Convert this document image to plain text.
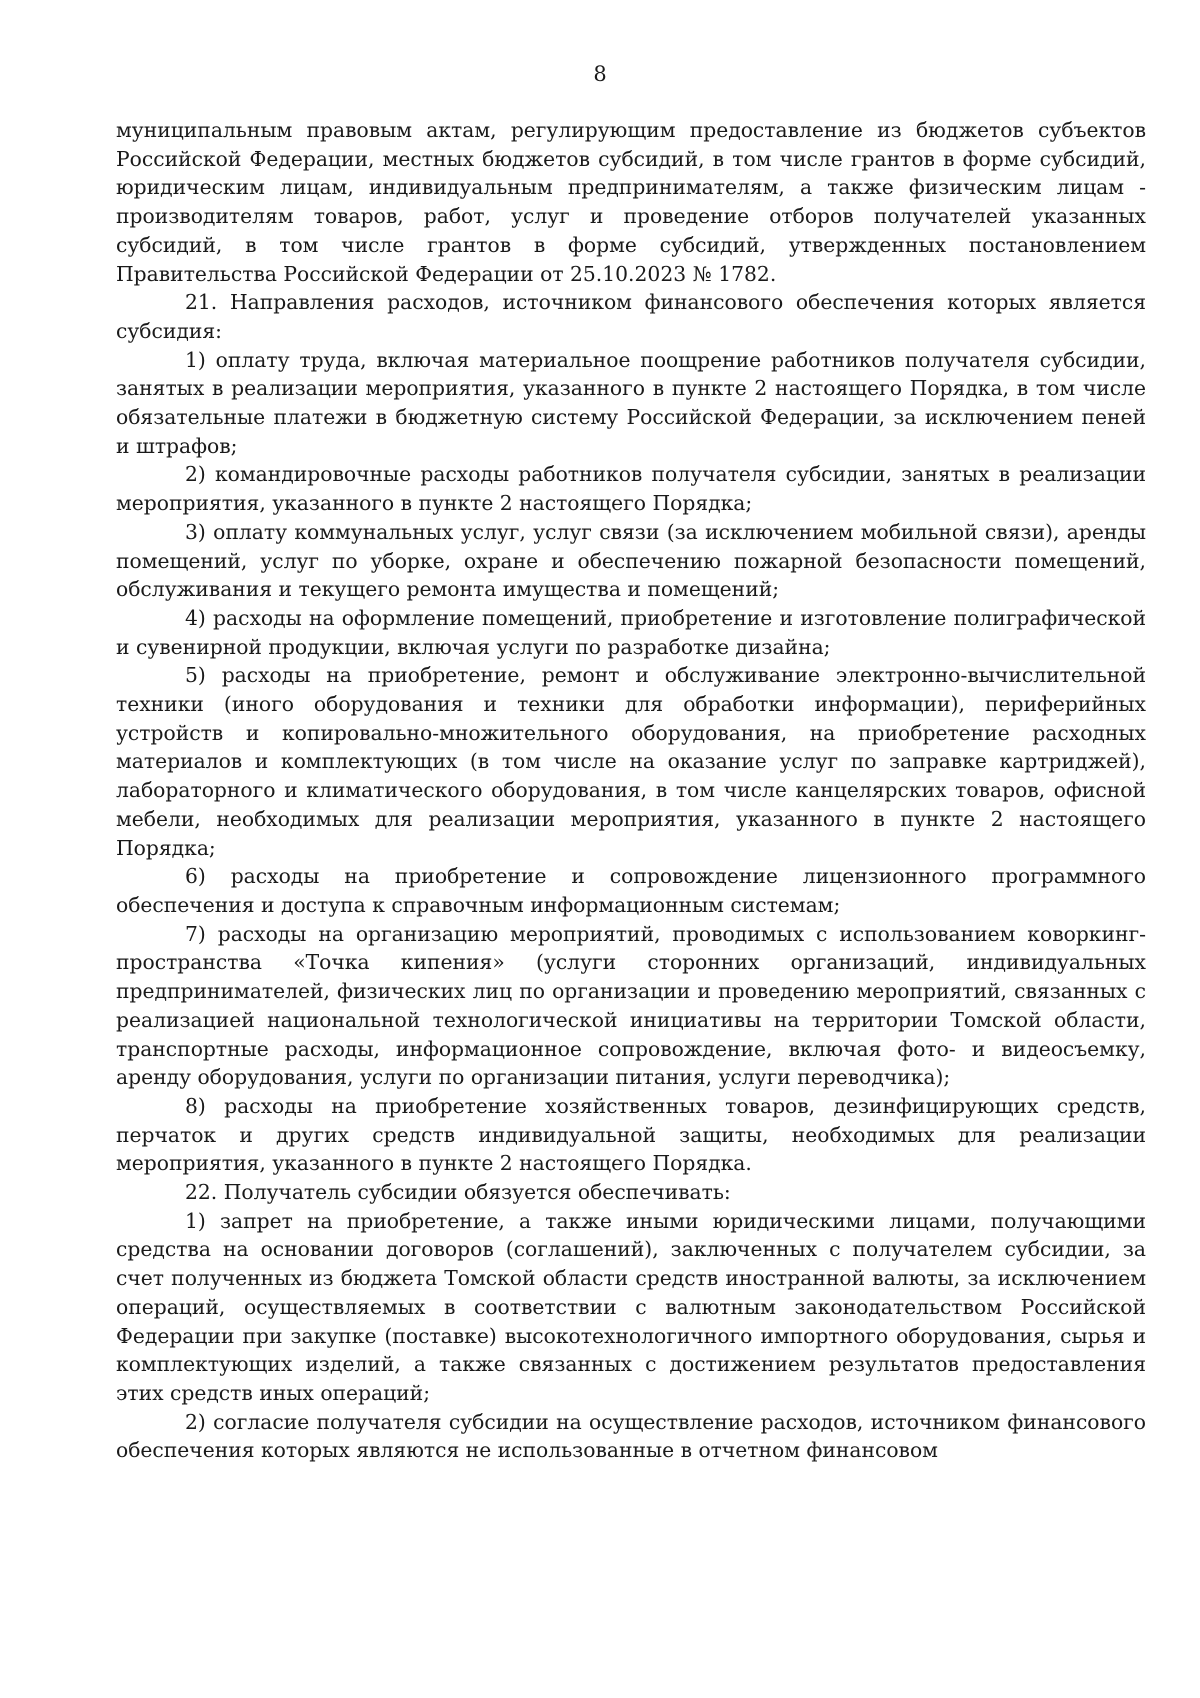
8

муниципальным правовым актам, регулирующим предоставление из бюджетов субъектов Российской Федерации, местных бюджетов субсидий, в том числе грантов в форме субсидий, юридическим лицам, индивидуальным предпринимателям, а также физическим лицам - производителям товаров, работ, услуг и проведение отборов получателей указанных субсидий, в том числе грантов в форме субсидий, утвержденных постановлением Правительства Российской Федерации от 25.10.2023 № 1782.

21. Направления расходов, источником финансового обеспечения которых является субсидия:

1) оплату труда, включая материальное поощрение работников получателя субсидии, занятых в реализации мероприятия, указанного в пункте 2 настоящего Порядка, в том числе обязательные платежи в бюджетную систему Российской Федерации, за исключением пеней и штрафов;

2) командировочные расходы работников получателя субсидии, занятых в реализации мероприятия, указанного в пункте 2 настоящего Порядка;

3) оплату коммунальных услуг, услуг связи (за исключением мобильной связи), аренды помещений, услуг по уборке, охране и обеспечению пожарной безопасности помещений, обслуживания и текущего ремонта имущества и помещений;

4) расходы на оформление помещений, приобретение и изготовление полиграфической и сувенирной продукции, включая услуги по разработке дизайна;

5) расходы на приобретение, ремонт и обслуживание электронно-вычислительной техники (иного оборудования и техники для обработки информации), периферийных устройств и копировально-множительного оборудования, на приобретение расходных материалов и комплектующих (в том числе на оказание услуг по заправке картриджей), лабораторного и климатического оборудования, в том числе канцелярских товаров, офисной мебели, необходимых для реализации мероприятия, указанного в пункте 2 настоящего Порядка;

6) расходы на приобретение и сопровождение лицензионного программного обеспечения и доступа к справочным информационным системам;

7) расходы на организацию мероприятий, проводимых с использованием коворкинг-пространства «Точка кипения» (услуги сторонних организаций, индивидуальных предпринимателей, физических лиц по организации и проведению мероприятий, связанных с реализацией национальной технологической инициативы на территории Томской области, транспортные расходы, информационное сопровождение, включая фото- и видеосъемку, аренду оборудования, услуги по организации питания, услуги переводчика);

8) расходы на приобретение хозяйственных товаров, дезинфицирующих средств, перчаток и других средств индивидуальной защиты, необходимых для реализации мероприятия, указанного в пункте 2 настоящего Порядка.

22. Получатель субсидии обязуется обеспечивать:

1) запрет на приобретение, а также иными юридическими лицами, получающими средства на основании договоров (соглашений), заключенных с получателем субсидии, за счет полученных из бюджета Томской области средств иностранной валюты, за исключением операций, осуществляемых в соответствии с валютным законодательством Российской Федерации при закупке (поставке) высокотехнологичного импортного оборудования, сырья и комплектующих изделий, а также связанных с достижением результатов предоставления этих средств иных операций;

2) согласие получателя субсидии на осуществление расходов, источником финансового обеспечения которых являются не использованные в отчетном финансовом
